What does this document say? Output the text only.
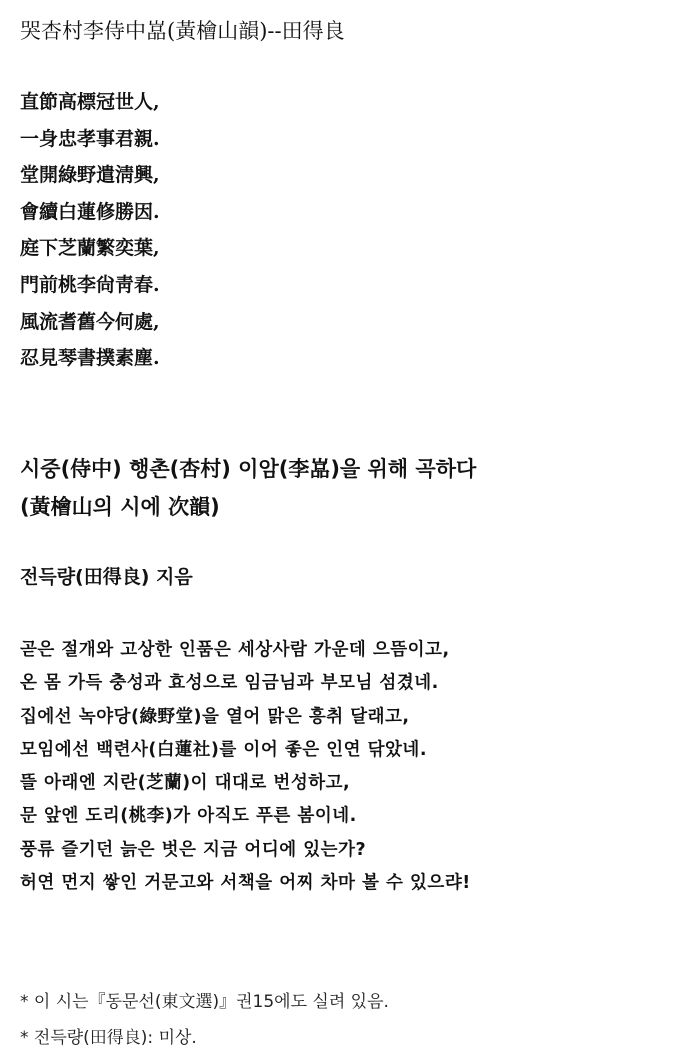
哭杏村李侍中嵓(黃檜山韻)--田得良
直節高標冠世人,
一身忠孝事君親.
堂開綠野遣淸興,
會續白蓮修勝因.
庭下芝蘭繁奕葉,
門前桃李尙靑春.
風流耆舊今何處,
忍見琴書撲素塵.
시중(侍中) 행촌(杏村) 이암(李嵓)을 위해 곡하다
(黃檜山의 시에 次韻)
전득량(田得良) 지음
곧은 절개와 고상한 인품은 세상사람 가운데 으뜸이고,
온 몸 가득 충성과 효성으로 임금님과 부모님 섬겼네.
집에선 녹야당(綠野堂)을 열어 맑은 흥취 달래고,
모임에선 백련사(白蓮社)를 이어 좋은 인연 닦았네.
뜰 아래엔 지란(芝蘭)이 대대로 번성하고,
문 앞엔 도리(桃李)가 아직도 푸른 봄이네.
풍류 즐기던 늙은 벗은 지금 어디에 있는가?
허연 먼지 쌓인 거문고와 서책을 어찌 차마 볼 수 있으랴!
* 이 시는『동문선(東文選)』권15에도 실려 있음.
* 전득량(田得良): 미상.
